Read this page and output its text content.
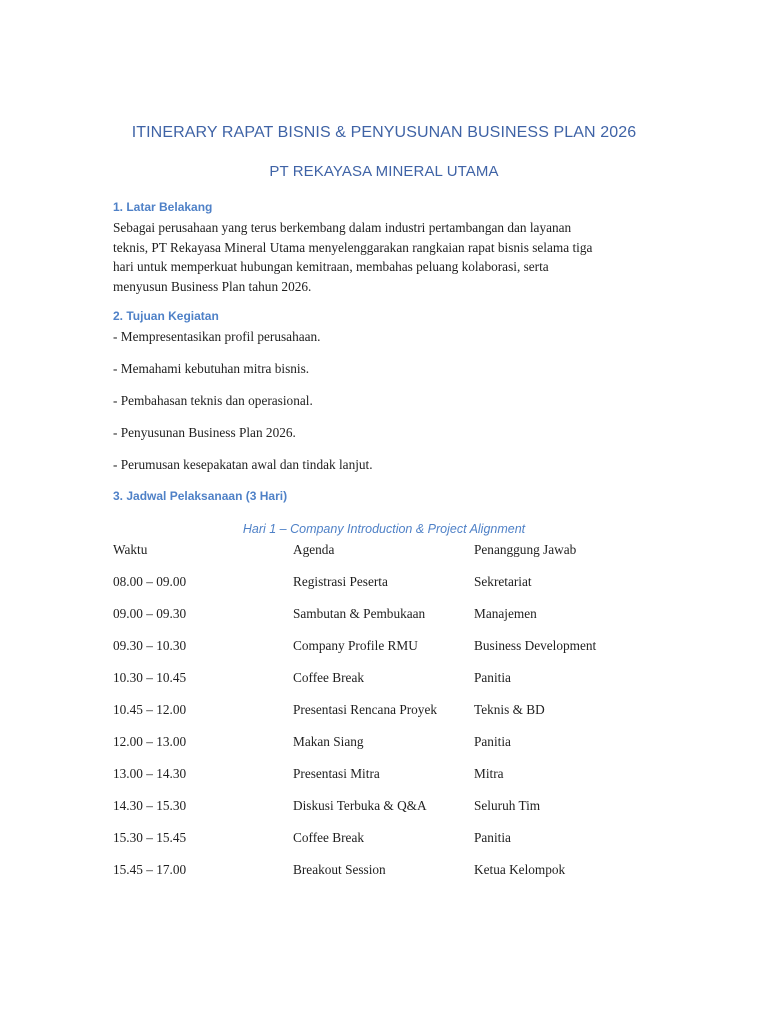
ITINERARY RAPAT BISNIS & PENYUSUNAN BUSINESS PLAN 2026
PT REKAYASA MINERAL UTAMA
1. Latar Belakang
Sebagai perusahaan yang terus berkembang dalam industri pertambangan dan layanan
teknis, PT Rekayasa Mineral Utama menyelenggarakan rangkaian rapat bisnis selama tiga
hari untuk memperkuat hubungan kemitraan, membahas peluang kolaborasi, serta
menyusun Business Plan tahun 2026.
2. Tujuan Kegiatan
- Mempresentasikan profil perusahaan.
- Memahami kebutuhan mitra bisnis.
- Pembahasan teknis dan operasional.
- Penyusunan Business Plan 2026.
- Perumusan kesepakatan awal dan tindak lanjut.
3. Jadwal Pelaksanaan (3 Hari)
Hari 1 – Company Introduction & Project Alignment
Waktu	Agenda	Penanggung Jawab
08.00 – 09.00	Registrasi Peserta	Sekretariat
09.00 – 09.30	Sambutan & Pembukaan	Manajemen
09.30 – 10.30	Company Profile RMU	Business Development
10.30 – 10.45	Coffee Break	Panitia
10.45 – 12.00	Presentasi Rencana Proyek	Teknis & BD
12.00 – 13.00	Makan Siang	Panitia
13.00 – 14.30	Presentasi Mitra	Mitra
14.30 – 15.30	Diskusi Terbuka & Q&A	Seluruh Tim
15.30 – 15.45	Coffee Break	Panitia
15.45 – 17.00	Breakout Session	Ketua Kelompok
